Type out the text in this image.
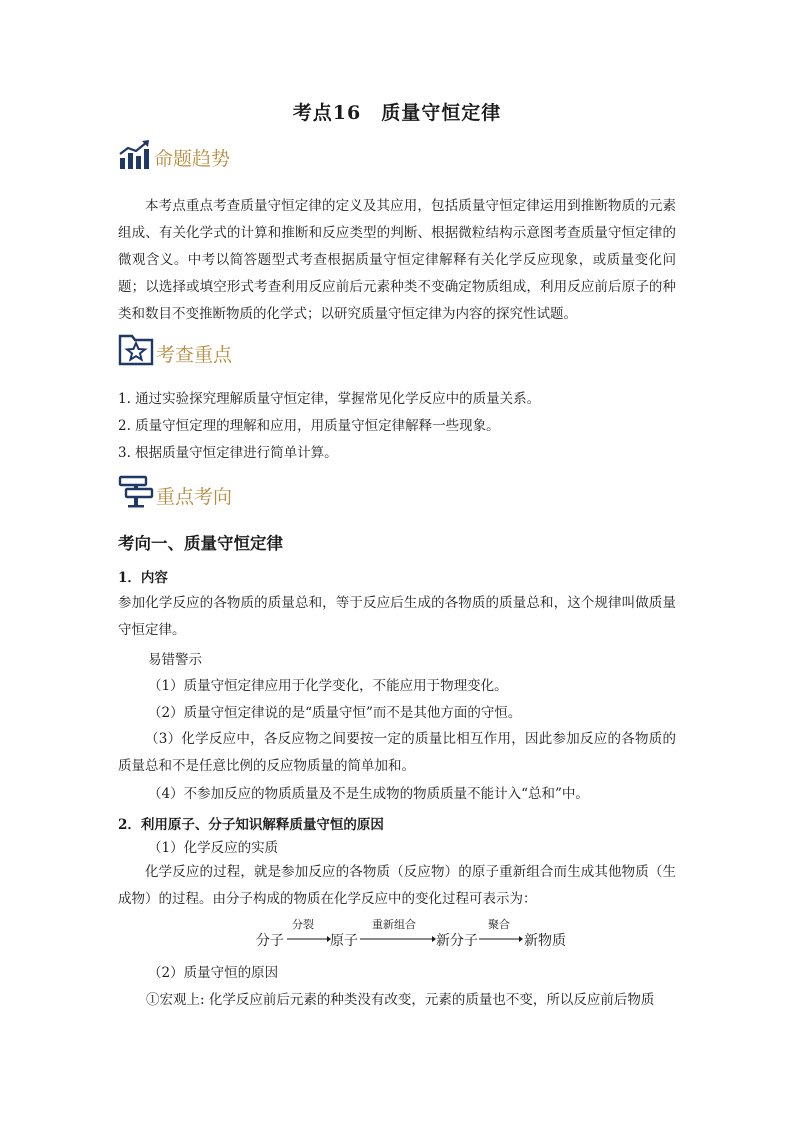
考点16　质量守恒定律
命题趋势
本考点重点考查质量守恒定律的定义及其应用，包括质量守恒定律运用到推断物质的元素组成、有关化学式的计算和推断和反应类型的判断、根据微粒结构示意图考查质量守恒定律的微观含义。中考以简答题型式考查根据质量守恒定律解释有关化学反应现象，或质量变化问题；以选择或填空形式考查利用反应前后元素种类不变确定物质组成，利用反应前后原子的种类和数目不变推断物质的化学式；以研究质量守恒定律为内容的探究性试题。
考查重点
1. 通过实验探究理解质量守恒定律，掌握常见化学反应中的质量关系。
2. 质量守恒定理的理解和应用，用质量守恒定律解释一些现象。
3. 根据质量守恒定律进行简单计算。
重点考向
考向一、质量守恒定律
1．内容
参加化学反应的各物质的质量总和，等于反应后生成的各物质的质量总和，这个规律叫做质量守恒定律。
易错警示
（1）质量守恒定律应用于化学变化，不能应用于物理变化。
（2）质量守恒定律说的是“质量守恒”而不是其他方面的守恒。
（3）化学反应中，各反应物之间要按一定的质量比相互作用，因此参加反应的各物质的质量总和不是任意比例的反应物质量的简单加和。
（4）不参加反应的物质质量及不是生成物的物质质量不能计入“总和”中。
2．利用原子、分子知识解释质量守恒的原因
（1）化学反应的实质
化学反应的过程，就是参加反应的各物质（反应物）的原子重新组合而生成其他物质（生成物）的过程。由分子构成的物质在化学反应中的变化过程可表示为：
分子
分裂
原子
重新组合
新分子
聚合
新物质
（2）质量守恒的原因
①宏观上: 化学反应前后元素的种类没有改变，元素的质量也不变，所以反应前后物质
